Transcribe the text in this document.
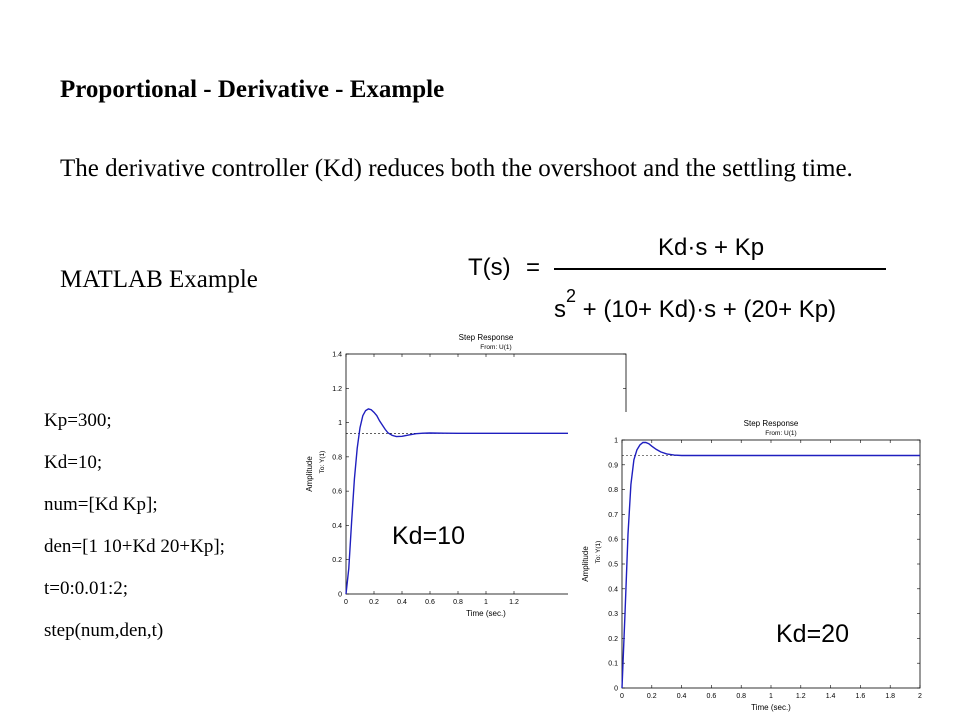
Proportional - Derivative - Example

The derivative controller (Kd) reduces both the overshoot and the settling time.

MATLAB Example	T(s) =
Kd·s + Kp
$s^2 + (10+ Kd)\cdot s + (20+ Kp)$
Kp=300;
Kd=10;
num=[Kd Kp];
den=[1 10+Kd 20+Kp];
t=0:0.01:2;
step(num,den,t)
Step Response
From: U(1)
0
0.2
0.4
0.6
0.8
1
1.2
1.4
0	0.2	0.4	0.6	0.8	1	1.2
Time (sec.)
Amplitude To: Y(1)
Step Response
From: U(1)
0
0.1
0.2
0.3
0.4
0.5
0.6
0.7
0.8
0.9
1
0	0.2	0.4	0.6	0.8	1	1.2	1.4	1.6	1.8	2
Time (sec.)
Amplitude To: Y(1)
Kd=10
Kd=20
